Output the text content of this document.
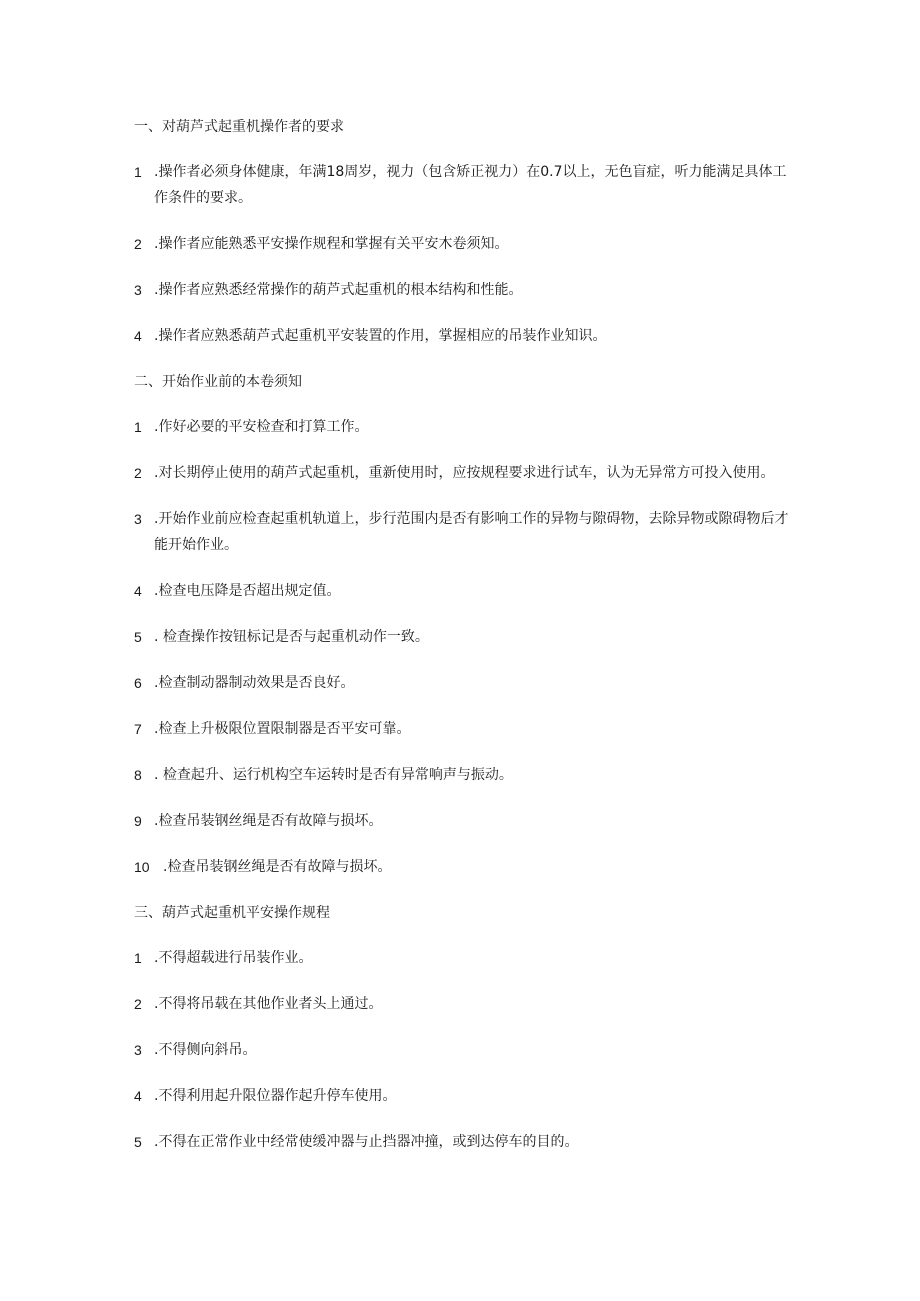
一、对葫芦式起重机操作者的要求

1 .操作者必须身体健康，年满18周岁，视力（包含矫正视力）在0.7以上，无色盲症，听力能满足具体工作条件的要求。
2 .操作者应能熟悉平安操作规程和掌握有关平安木卷须知。
3 .操作者应熟悉经常操作的葫芦式起重机的根本结构和性能。
4 .操作者应熟悉葫芦式起重机平安装置的作用，掌握相应的吊装作业知识。

二、开始作业前的本卷须知

1 .作好必要的平安检查和打算工作。
2 .对长期停止使用的葫芦式起重机，重新使用时，应按规程要求进行试车，认为无异常方可投入使用。
3 .开始作业前应检查起重机轨道上，步行范围内是否有影响工作的异物与隙碍物，去除异物或隙碍物后才能开始作业。
4 .检查电压降是否超出规定值。
5 . 检查操作按钮标记是否与起重机动作一致。
6 .检查制动器制动效果是否良好。
7 .检查上升极限位置限制器是否平安可靠。
8 . 检查起升、运行机构空车运转时是否有异常响声与振动。
9 .检查吊装钢丝绳是否有故障与损坏。
10 .检查吊装钢丝绳是否有故障与损坏。

三、葫芦式起重机平安操作规程

1 .不得超载进行吊装作业。
2 .不得将吊载在其他作业者头上通过。
3 .不得侧向斜吊。
4 .不得利用起升限位器作起升停车使用。
5 .不得在正常作业中经常使缓冲器与止挡器冲撞，或到达停车的目的。
